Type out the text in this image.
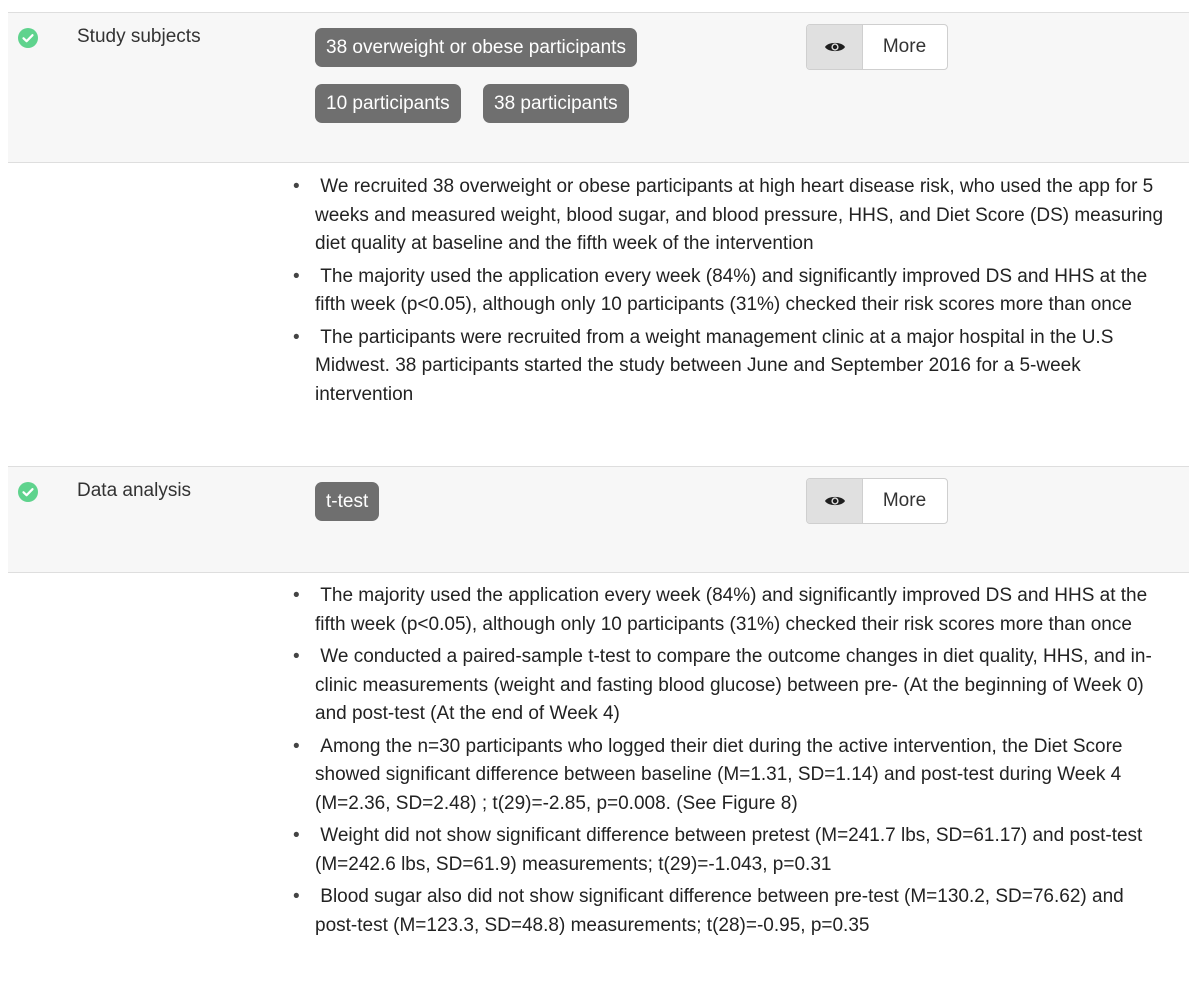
Study subjects
38 overweight or obese participants
10 participants	38 participants
More
•  We recruited 38 overweight or obese participants at high heart disease risk, who used the app for 5 weeks and measured weight, blood sugar, and blood pressure, HHS, and Diet Score (DS) measuring diet quality at baseline and the fifth week of the intervention
•  The majority used the application every week (84%) and significantly improved DS and HHS at the fifth week (p<0.05), although only 10 participants (31%) checked their risk scores more than once
•  The participants were recruited from a weight management clinic at a major hospital in the U.S Midwest. 38 participants started the study between June and September 2016 for a 5-week intervention
Data analysis
t-test	More
•  The majority used the application every week (84%) and significantly improved DS and HHS at the fifth week (p<0.05), although only 10 participants (31%) checked their risk scores more than once
•  We conducted a paired-sample t-test to compare the outcome changes in diet quality, HHS, and in-clinic measurements (weight and fasting blood glucose) between pre- (At the beginning of Week 0) and post-test (At the end of Week 4)
•  Among the n=30 participants who logged their diet during the active intervention, the Diet Score showed significant difference between baseline (M=1.31, SD=1.14) and post-test during Week 4 (M=2.36, SD=2.48) ; t(29)=-2.85, p=0.008. (See Figure 8)
•  Weight did not show significant difference between pretest (M=241.7 lbs, SD=61.17) and post-test (M=242.6 lbs, SD=61.9) measurements; t(29)=-1.043, p=0.31
•  Blood sugar also did not show significant difference between pre-test (M=130.2, SD=76.62) and post-test (M=123.3, SD=48.8) measurements; t(28)=-0.95, p=0.35
